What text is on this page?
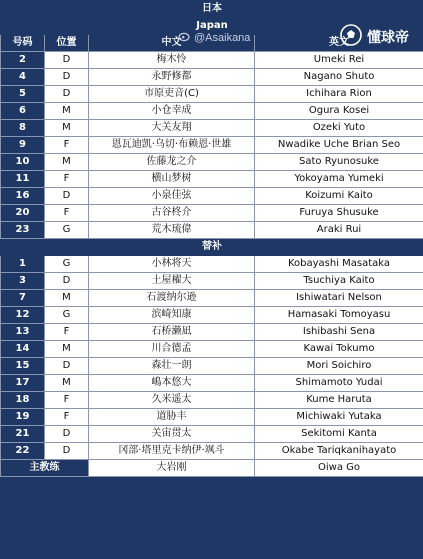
日本			
Japan			
号码	位置	中文	英文
2	D	梅木怜	Umeki Rei
4	D	永野修都	Nagano Shuto
5	D	市原吏音(C)	Ichihara Rion
6	M	小仓幸成	Ogura Kosei
8	M	大关友翔	Ozeki Yuto
9	F	恩瓦迪凯·乌切·布赖恩·世雄	Nwadike Uche Brian Seo
10	M	佐藤龙之介	Sato Ryunosuke
11	F	横山梦树	Yokoyama Yumeki
16	D	小泉佳弦	Koizumi Kaito
20	F	古谷柊介	Furuya Shusuke
23	G	荒木琉偉	Araki Rui
替补			
1	G	小林将天	Kobayashi Masataka
3	D	土屋櫂大	Tsuchiya Kaito
7	M	石渡纳尔逊	Ishiwatari Nelson
12	G	滨崎知康	Hamasaki Tomoyasu
13	F	石桥濑凪	Ishibashi Sena
14	M	川合德孟	Kawai Tokumo
15	D	森壮一朗	Mori Soichiro
17	M	嶋本悠大	Shimamoto Yudai
18	F	久米遥太	Kume Haruta
19	F	道胁丰	Michiwaki Yutaka
21	D	关宙贯太	Sekitomi Kanta
22	D	冈部·塔里克卡纳伊·飒斗	Okabe Tariqkanihayato
主教练		大岩刚	Oiwa Go
@Asaikana	懂球帝
